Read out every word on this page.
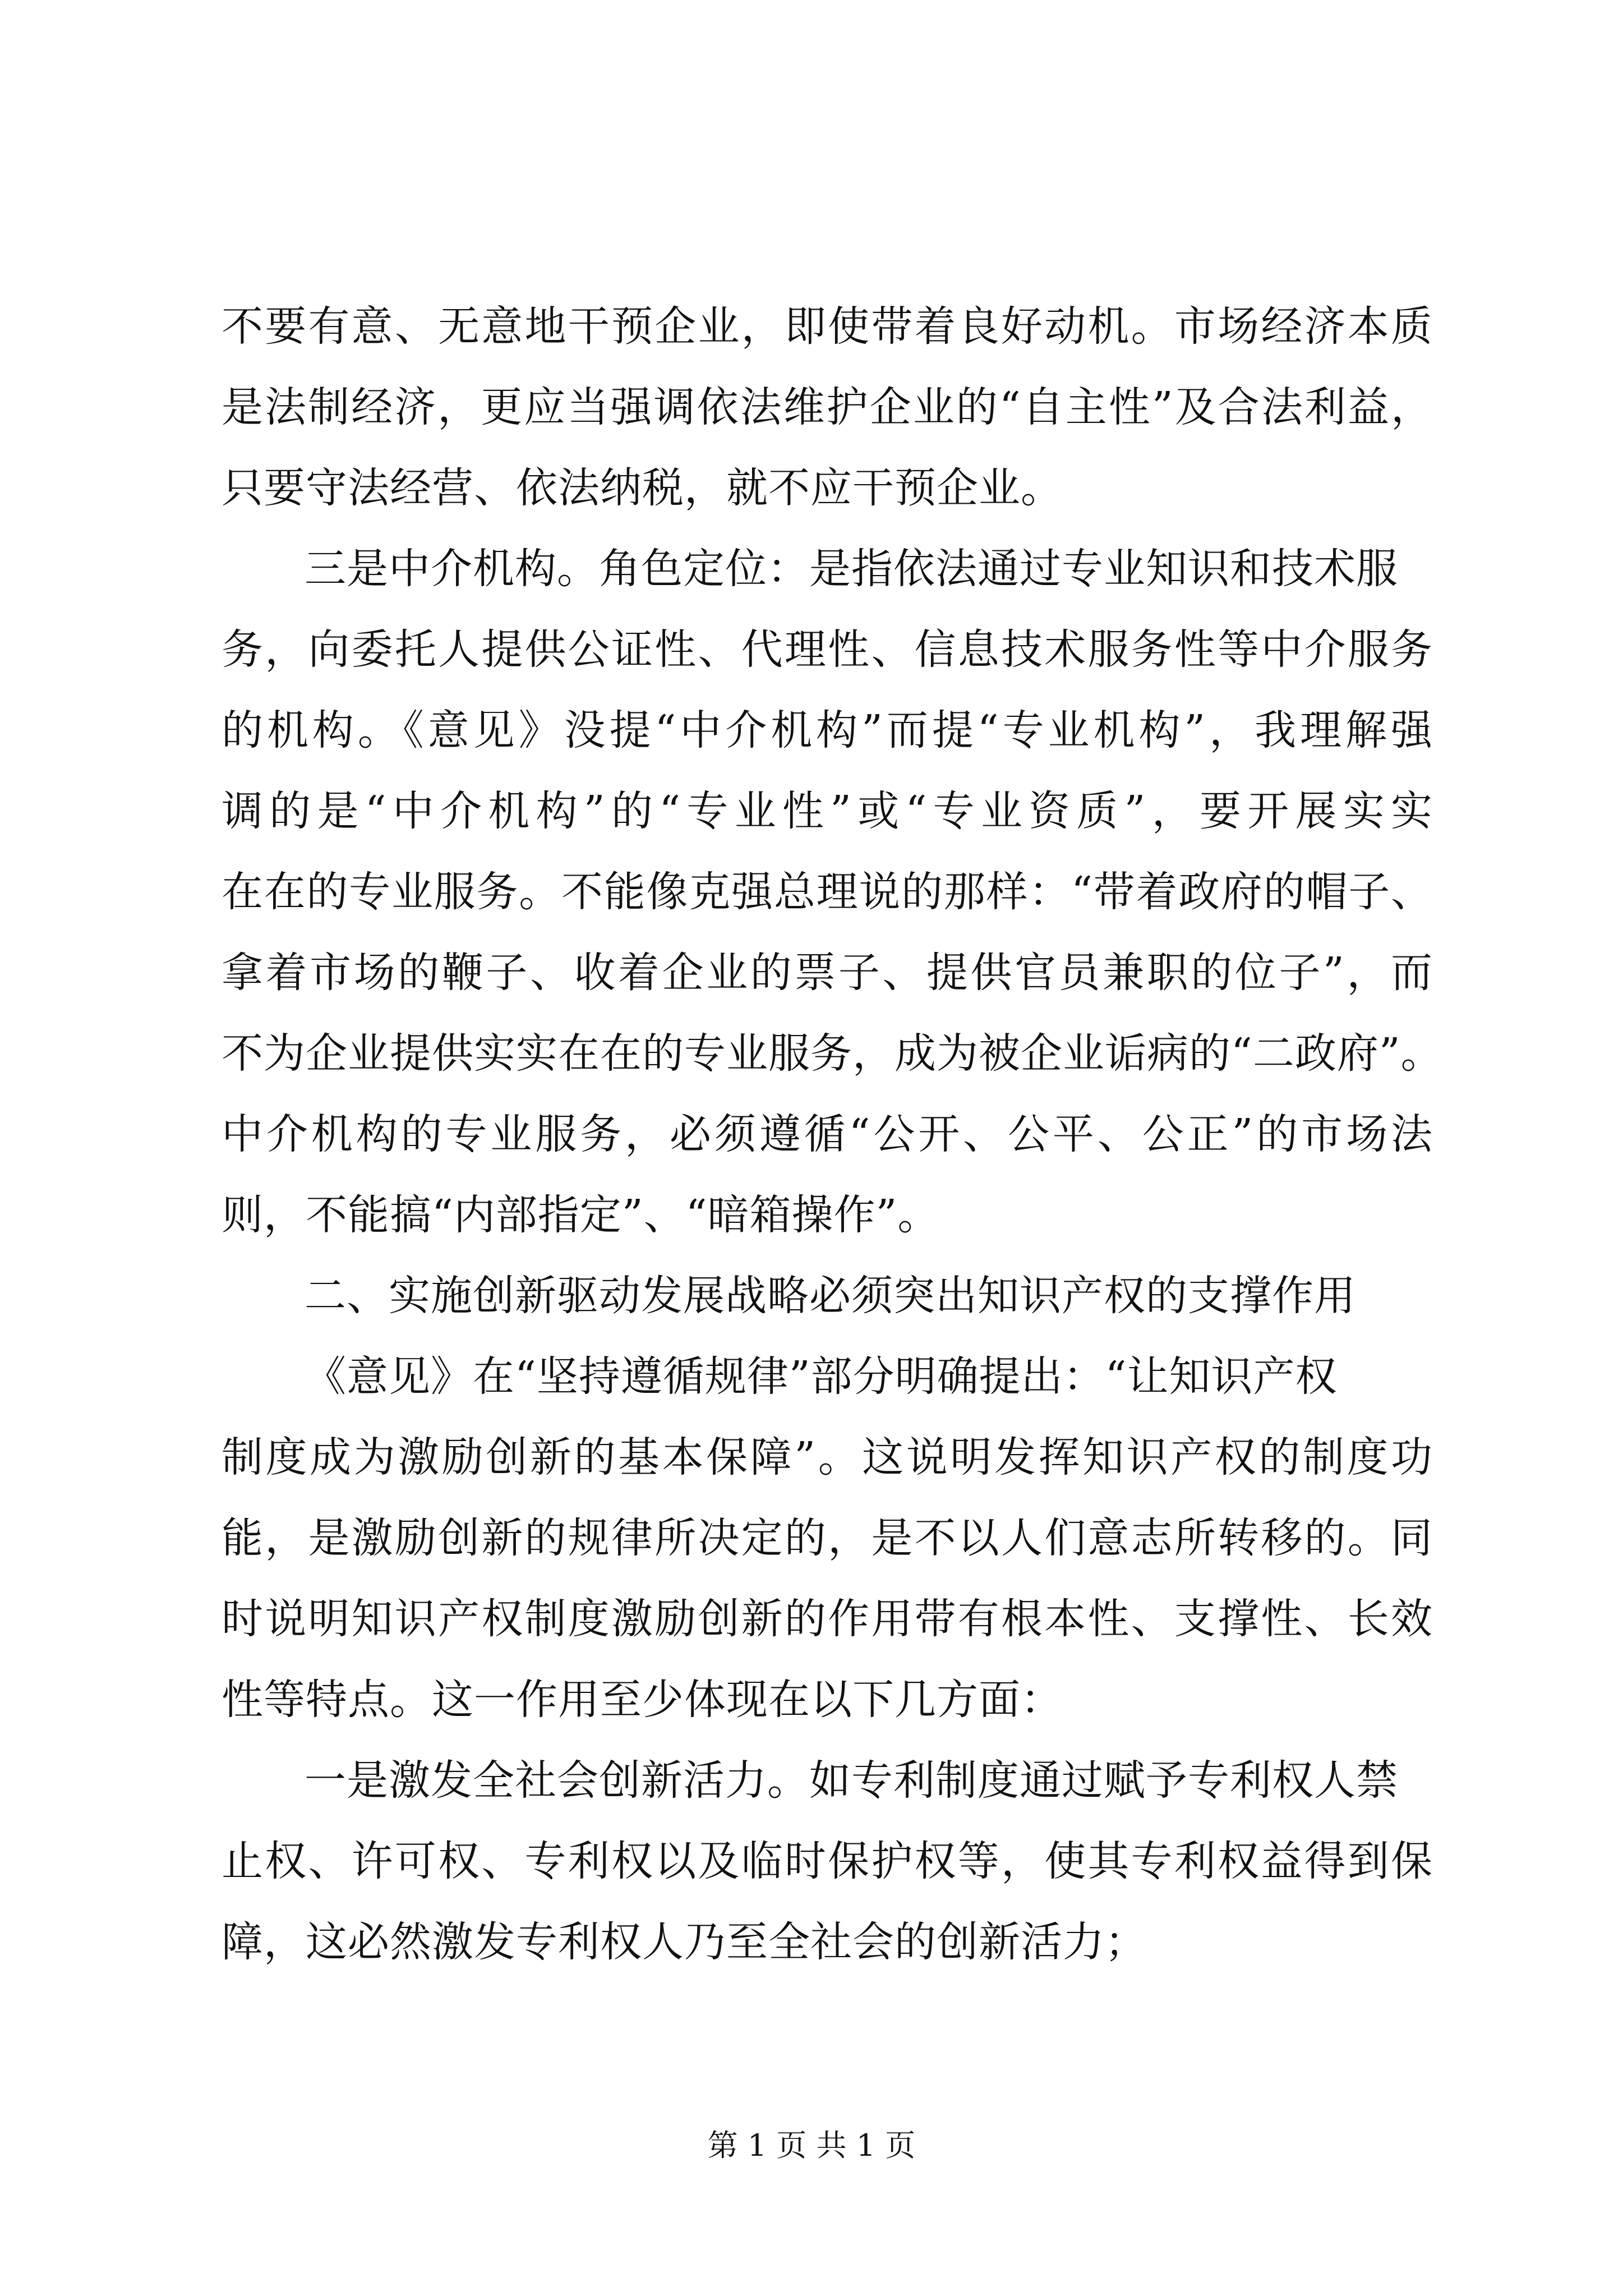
不要有意、无意地干预企业，即使带着良好动机。市场经济本质
是法制经济，更应当强调依法维护企业的“自主性”及合法利益，
只要守法经营、依法纳税，就不应干预企业。
三是中介机构。角色定位：是指依法通过专业知识和技术服
务，向委托人提供公证性、代理性、信息技术服务性等中介服务
的机构。《意见》没提“中介机构”而提“专业机构”，我理解强
调的是“中介机构”的“专业性”或“专业资质”，要开展实实
在在的专业服务。不能像克强总理说的那样：“带着政府的帽子、
拿着市场的鞭子、收着企业的票子、提供官员兼职的位子”，而
不为企业提供实实在在的专业服务，成为被企业诟病的“二政府”。
中介机构的专业服务，必须遵循“公开、公平、公正”的市场法
则，不能搞“内部指定”、“暗箱操作”。
二、实施创新驱动发展战略必须突出知识产权的支撑作用
《意见》在“坚持遵循规律”部分明确提出：“让知识产权
制度成为激励创新的基本保障”。这说明发挥知识产权的制度功
能，是激励创新的规律所决定的，是不以人们意志所转移的。同
时说明知识产权制度激励创新的作用带有根本性、支撑性、长效
性等特点。这一作用至少体现在以下几方面：
一是激发全社会创新活力。如专利制度通过赋予专利权人禁
止权、许可权、专利权以及临时保护权等，使其专利权益得到保
障，这必然激发专利权人乃至全社会的创新活力；
第 1 页 共 1 页
